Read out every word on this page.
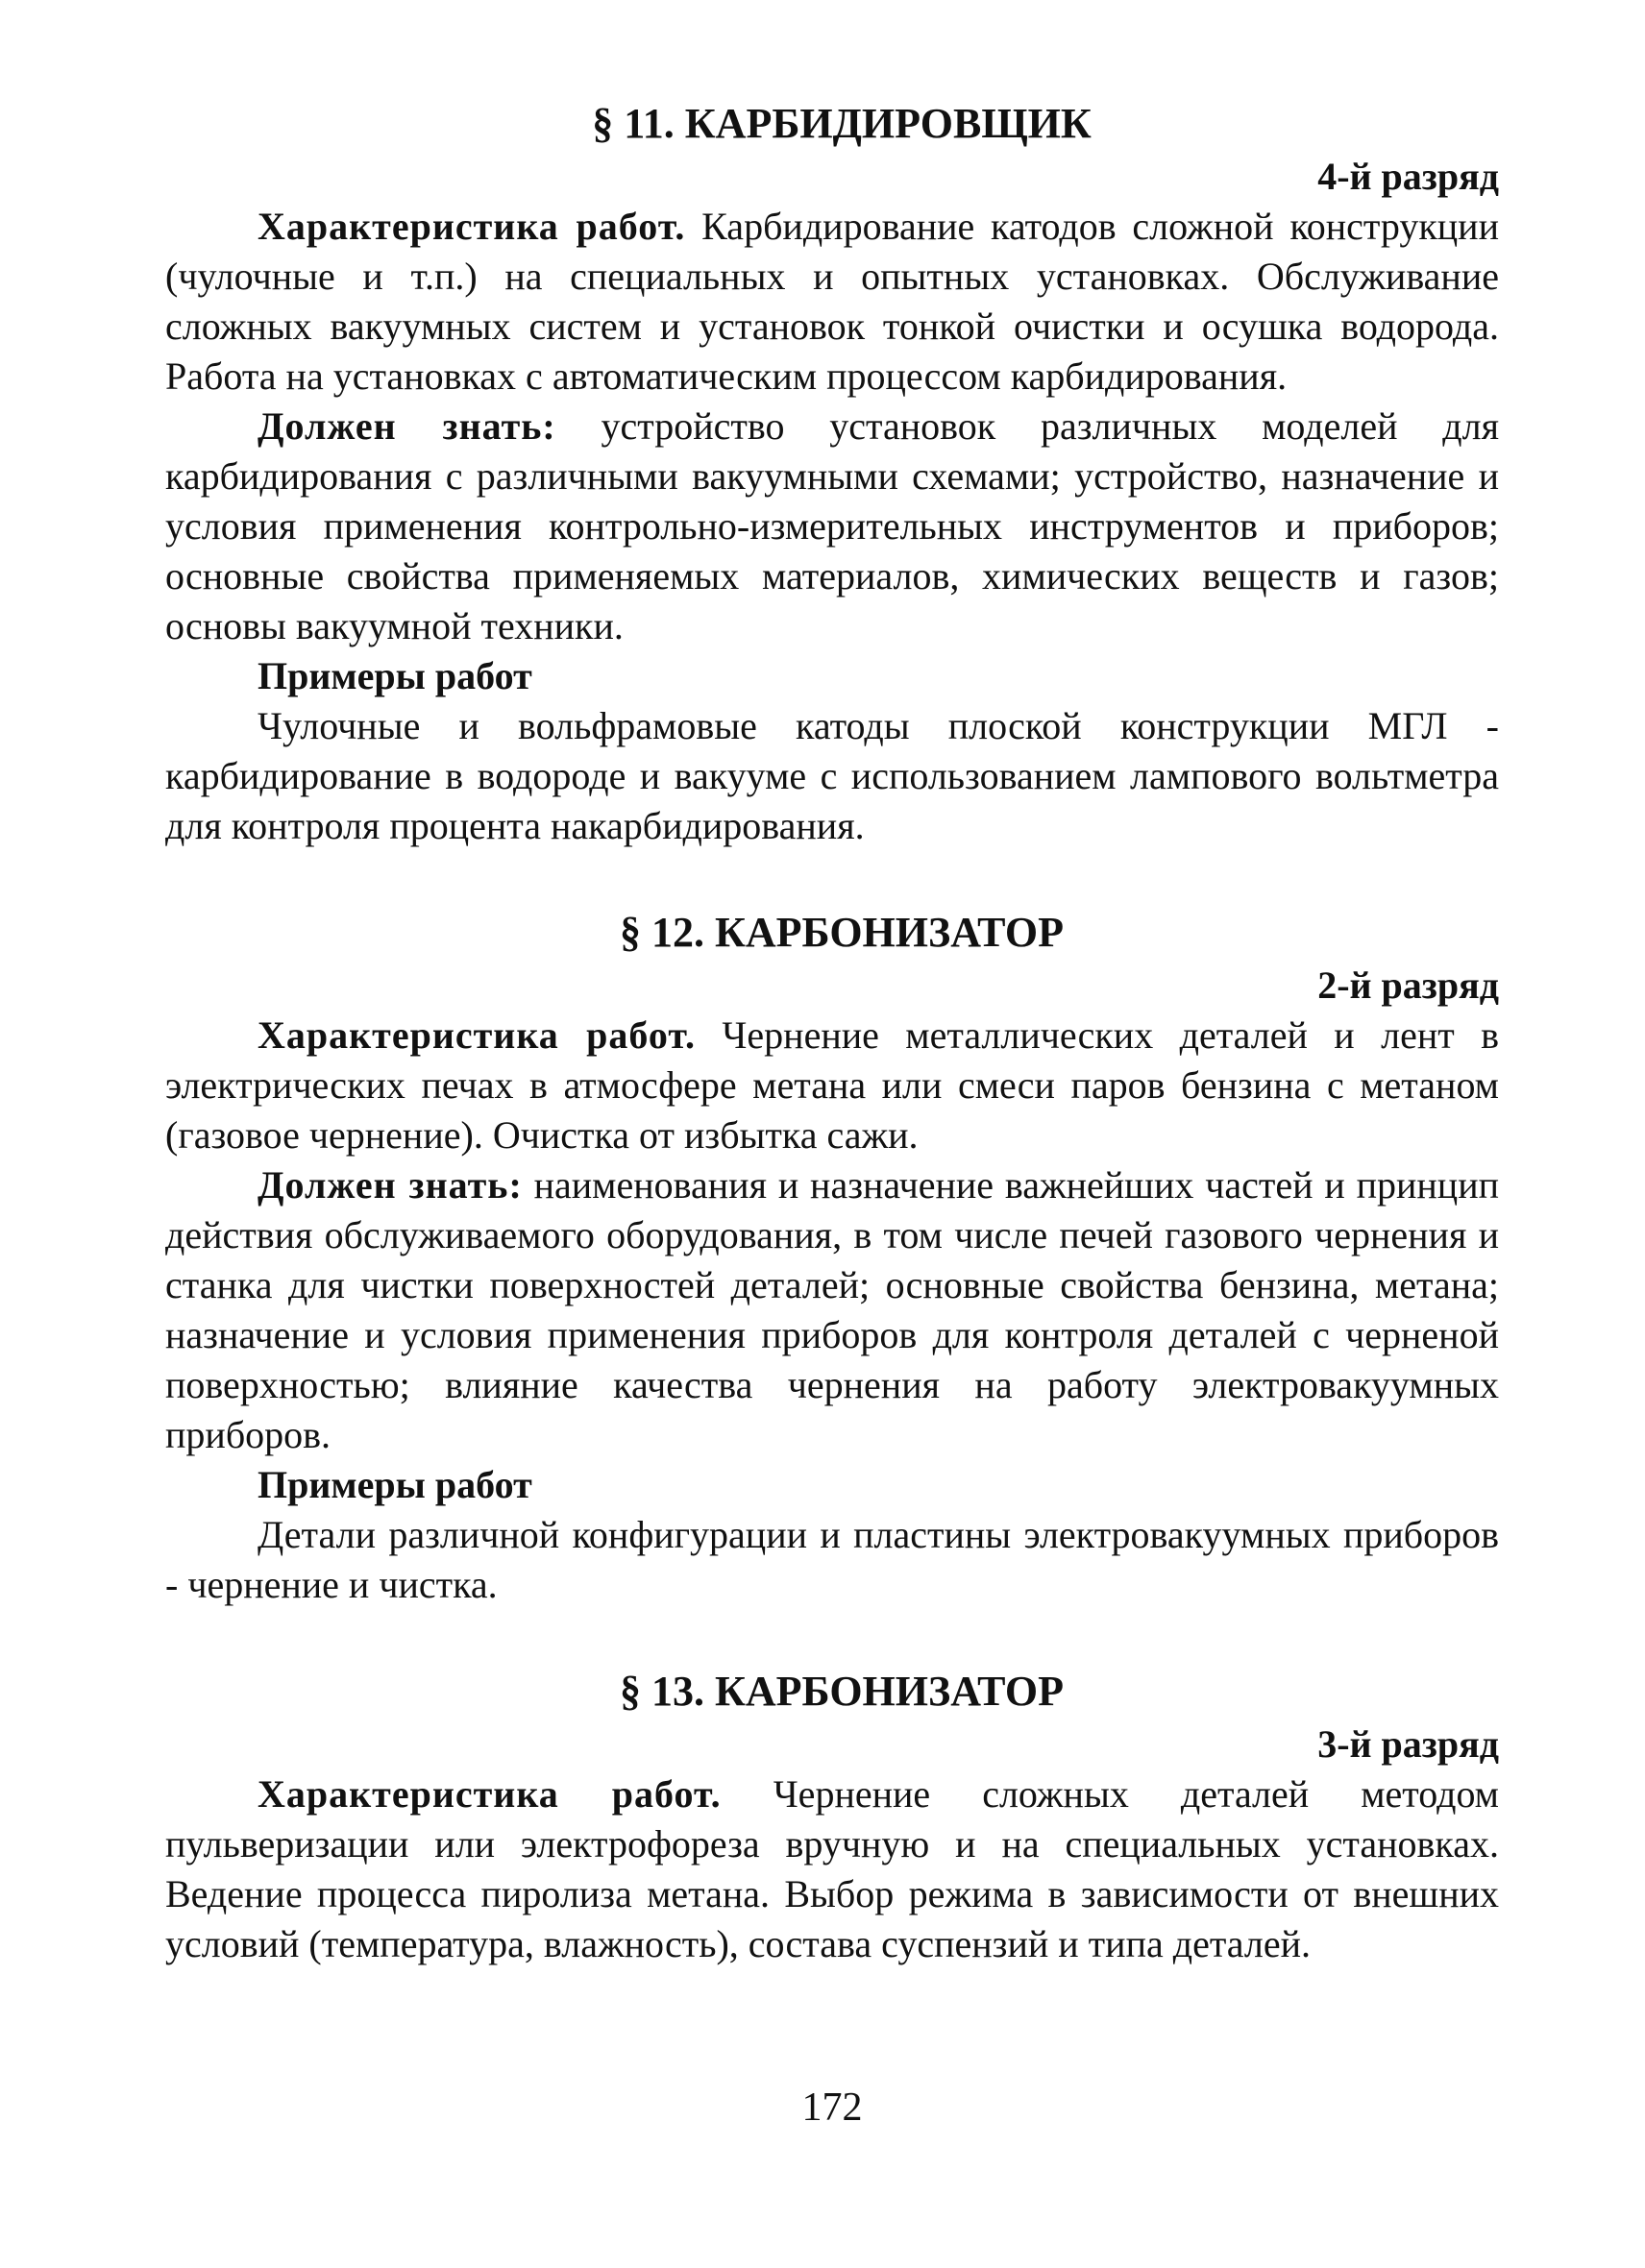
§ 11. КАРБИДИРОВЩИК

4-й разряд

Характеристика работ. Карбидирование катодов сложной конструкции (чулочные и т.п.) на специальных и опытных установках. Обслуживание сложных вакуумных систем и установок тонкой очистки и осушка водорода. Работа на установках с автоматическим процессом карбидирования.

Должен знать: устройство установок различных моделей для карбидирования с различными вакуумными схемами; устройство, назначение и условия применения контрольно-измерительных инструментов и приборов; основные свойства применяемых материалов, химических веществ и газов; основы вакуумной техники.

Примеры работ

Чулочные и вольфрамовые катоды плоской конструкции МГЛ - карбидирование в водороде и вакууме с использованием лампового вольтметра для контроля процента накарбидирования.

§ 12. КАРБОНИЗАТОР

2-й разряд

Характеристика работ. Чернение металлических деталей и лент в электрических печах в атмосфере метана или смеси паров бензина с метаном (газовое чернение). Очистка от избытка сажи.

Должен знать: наименования и назначение важнейших частей и принцип действия обслуживаемого оборудования, в том числе печей газового чернения и станка для чистки поверхностей деталей; основные свойства бензина, метана; назначение и условия применения приборов для контроля деталей с черненой поверхностью; влияние качества чернения на работу электровакуумных приборов.

Примеры работ

Детали различной конфигурации и пластины электровакуумных приборов - чернение и чистка.

§ 13. КАРБОНИЗАТОР

3-й разряд

Характеристика работ. Чернение сложных деталей методом пульверизации или электрофореза вручную и на специальных установках. Ведение процесса пиролиза метана. Выбор режима в зависимости от внешних условий (температура, влажность), состава суспензий и типа деталей.

172
